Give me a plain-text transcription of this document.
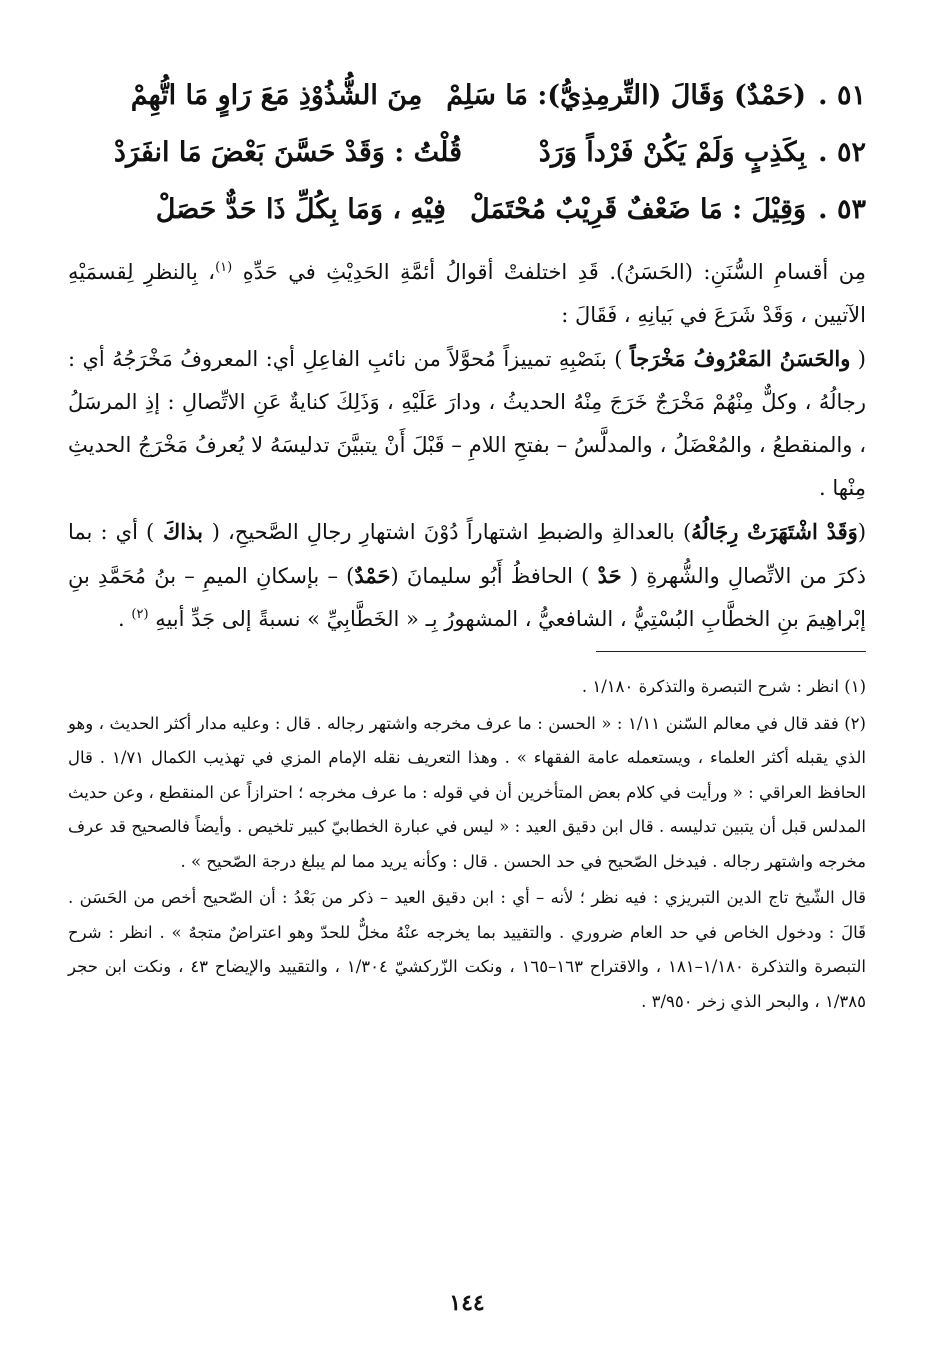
٥١ .
(حَمْدٌ) وَقَالَ (التِّرمِذِيُّ): مَا سَلِمْ
مِنَ الشُّذُوْذِ مَعَ رَاوٍ مَا اتُّهِمْ
٥٢ .
بِكَذِبٍ وَلَمْ يَكُنْ فَرْداً وَرَدْ
قُلْتُ : وَقَدْ حَسَّنَ بَعْضَ مَا انفَرَدْ
٥٣ .
وَقِيْلَ : مَا ضَعْفٌ قَرِيْبٌ مُحْتَمَلْ
فِيْهِ ، وَمَا بِكُلِّ ذَا حَدٌّ حَصَلْ

مِن أقسامِ السُّنَنِ: (الحَسَنُ). قَدِ اختلفتْ أقوالُ أئمَّةِ الحَدِيْثِ في حَدِّهِ $^{(١)}$، بِالنظرِ لِقسمَيْهِ الآتيين ، وَقَدْ شَرَعَ في بَيانِهِ ، فَقَالَ :

( والحَسَنُ المَعْرُوفُ مَخْرَجاً ) بنَصْبِهِ تمييزاً مُحوَّلاً من نائبِ الفاعِلِ أي: المعروفُ مَخْرَجُهُ أي : رجالُهُ ، وكلٌّ مِنْهُمْ مَخْرَجٌ خَرَجَ مِنْهُ الحديثُ ، ودارَ عَلَيْهِ ، وَذَلِكَ كنايةٌ عَنِ الاتِّصالِ : إذِ المرسَلُ ، والمنقطعُ ، والمُعْضَلُ ، والمدلَّسُ – بفتحِ اللامِ – قَبْلَ أَنْ يتبيَّنَ تدليسَهُ لا يُعرفُ مَخْرَجُ الحديثِ مِنْها .

(وَقَدْ اشْتَهَرَتْ رِجَالُهُ) بالعدالةِ والضبطِ اشتهاراً دُوْنَ اشتهارِ رجالِ الصَّحيحِ، ( بذاكَ ) أي : بما ذكرَ من الاتِّصالِ والشُّهرةِ ( حَدْ ) الحافظُ أَبُو سليمانَ (حَمْدٌ) – بإسكانِ الميمِ – بنُ مُحَمَّدِ بنِ إبْراهِيمَ بنِ الخطَّابِ البُسْتِيُّ ، الشافعيُّ ، المشهورُ بِـ « الخَطَّابِيِّ » نسبةً إلى جَدِّ أبيهِ $^{(٢)}$ .

(١) انظر : شرح التبصرة والتذكرة ١/١٨٠ .

(٢) فقد قال في معالم السّنن ١/١١ : « الحسن : ما عرف مخرجه واشتهر رجاله . قال : وعليه مدار أكثر الحديث ، وهو الذي يقبله أكثر العلماء ، ويستعمله عامة الفقهاء » . وهذا التعريف نقله الإمام المزي في تهذيب الكمال ١/٧١ . قال الحافظ العراقي : « ورأيت في كلام بعض المتأخرين أن في قوله : ما عرف مخرجه ؛ احترازاً عن المنقطع ، وعن حديث المدلس قبل أن يتبين تدليسه . قال ابن دقيق العيد : « ليس في عبارة الخطابيّ كبير تلخيص . وأيضاً فالصحيح قد عرف مخرجه واشتهر رجاله . فيدخل الصّحيح في حد الحسن . قال : وكأنه يريد مما لم يبلغ درجة الصّحيح » .

قال الشّيخ تاج الدين التبريزي : فيه نظر ؛ لأنه – أي : ابن دقيق العيد – ذكر من بَعْدُ : أن الصّحيح أخص من الحَسَن . قَالَ : ودخول الخاص في حد العام ضروري . والتقييد بما يخرجه عنْهُ مخلٌّ للحدّ وهو اعتراضٌ متجهٌ » . انظر : شرح التبصرة والتذكرة ١/١٨٠–١٨١ ، والاقتراح ١٦٣–١٦٥ ، ونكت الزّركشيّ ١/٣٠٤ ، والتقييد والإيضاح ٤٣ ، ونكت ابن حجر ١/٣٨٥ ، والبحر الذي زخر ٣/٩٥٠ .

١٤٤
